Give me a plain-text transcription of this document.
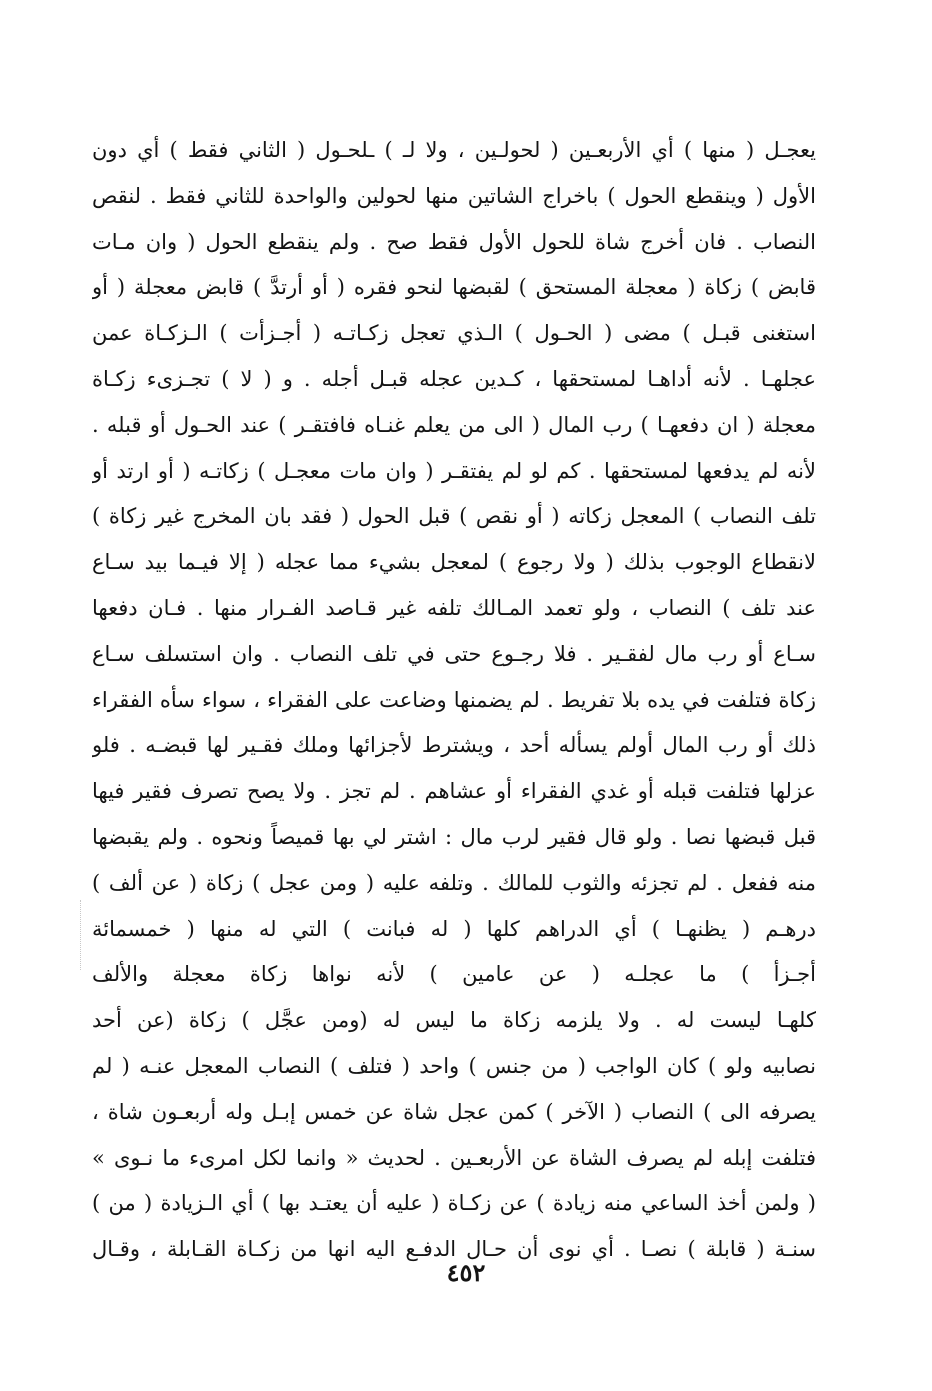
يعجـل ( منها ) أي الأربعـين ( لحولـين ، ولا لـ ) ـلحـول ( الثاني فقط ) أي دون
الأول ( وينقطع الحول ) باخراج الشاتين منها لحولين والواحدة للثاني فقط . لنقص
النصاب . فان أخرج شاة للحول الأول فقط صح . ولم ينقطع الحول ( وان مـات
قابض ) زكاة ( معجلة المستحق ) لقبضها لنحو فقره ( أو أرتدَّ ) قابض معجلة ( أو
استغنى قبـل ) مضى ( الحـول ) الـذي تعجل زكـاتـه ( أجـزأت ) الـزكـاة عمن
عجلهـا . لأنه أداهـا لمستحقها ، كـدين عجله قبـل أجله . و ( لا ) تجـزىء زكـاة
معجلة ( ان دفعهـا ) رب المال ( الى من يعلم غنـاه فافتقـر ) عند الحـول أو قبله .
لأنه لم يدفعها لمستحقها . كم لو لم يفتقـر ( وان مات معجـل ) زكاتـه ( أو ارتد أو
تلف النصاب ) المعجل زكاته ( أو نقص ) قبل الحول ( فقد بان المخرج غير زكاة )
لانقطاع الوجوب بذلك ( ولا رجوع ) لمعجل بشيء مما عجله ( إلا فيـما بيد سـاع
عند تلف ) النصاب ، ولو تعمد المـالك تلفه غير قـاصد الفـرار منها . فـان دفعها
سـاع أو رب مال لفقـير . فلا رجـوع حتى في تلف النصاب . وان استسلف سـاع
زكاة فتلفت في يده بلا تفريط . لم يضمنها وضاعت على الفقراء ، سواء سأه الفقراء
ذلك أو رب المال أولم يسأله أحد ، ويشترط لأجزائها وملك فقـير لها قبضـه . فلو
عزلها فتلفت قبله أو غدي الفقراء أو عشاهم . لم تجز . ولا يصح تصرف فقير فيها
قبل قبضها نصا . ولو قال فقير لرب مال : اشتر لي بها قميصاً ونحوه . ولم يقبضها
منه ففعل . لم تجزئه والثوب للمالك . وتلفه عليه ( ومن عجل ) زكاة ( عن ألف )
درهـم ( يظنهـا ) أي الدراهم كلها ( له فبانت ) التي له منها ( خمسمائة
أجـزأ ) ما عجلـه ( عن عامين ) لأنه نواها زكاة معجلة والألف
كلهـا ليست له . ولا يلزمه زكاة ما ليس له (ومن عجَّل ) زكاة (عن أحد
نصابيه ولو ) كان الواجب ( من جنس ) واحد ( فتلف ) النصاب المعجل عنـه ( لم
يصرفه الى ) النصاب ( الآخر ) كمن عجل شاة عن خمس إبـل وله أربعـون شاة ،
فتلفت إبله لم يصرف الشاة عن الأربعـين . لحديث « وانما لكل امرىء ما نـوى »
( ولمن أخذ الساعي منه زيادة ) عن زكـاة ( عليه أن يعتـد بها ) أي الـزيادة ( من )
سنـة ( قابلة ) نصـا . أي نوى أن حـال الدفـع اليه انها من زكـاة القـابلة ، وقـال
٤٥٢
